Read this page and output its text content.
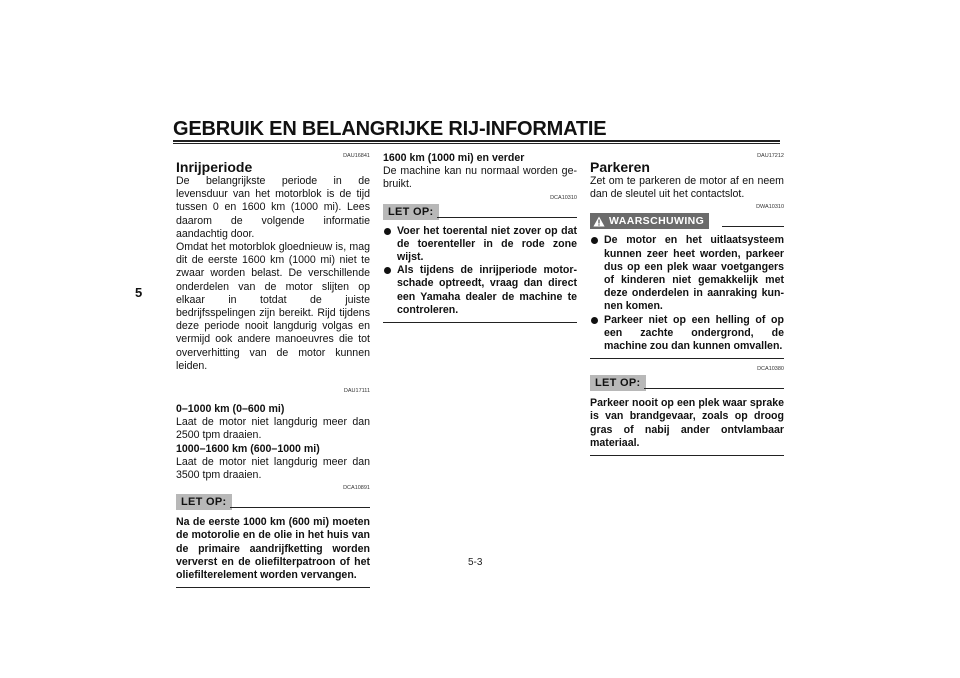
GEBRUIK EN BELANGRIJKE RIJ-INFORMATIE
5
DAU16841
Inrijperiode
De belangrijkste periode in de levensduur van het motorblok is de tijd tussen 0 en 1600 km (1000 mi). Lees daarom de volgende informatie aandachtig door.
Omdat het motorblok gloednieuw is, mag dit de eerste 1600 km (1000 mi) niet te zwaar worden belast. De verschillende onderdelen van de motor slijten op elkaar in totdat de juiste bedrijfsspelingen zijn bereikt. Rijd tijdens deze periode nooit langdurig volgas en vermijd ook andere manoeuvres die tot oververhitting van de motor kunnen leiden.
DAU17111
0–1000 km (0–600 mi)
Laat de motor niet langdurig meer dan 2500 tpm draaien.
1000–1600 km (600–1000 mi)
Laat de motor niet langdurig meer dan 3500 tpm draaien.
DCA10891
LET OP:
Na de eerste 1000 km (600 mi) moeten de motorolie en de olie in het huis van de primaire aandrijfketting worden ververst en de oliefilterpatroon of het oliefilterelement worden vervangen.
1600 km (1000 mi) en verder
De machine kan nu normaal worden gebruikt.
DCA10310
LET OP:
Voer het toerental niet zover op dat de toerenteller in de rode zone wijst.
Als tijdens de inrijperiode motorschade optreedt, vraag dan direct een Yamaha dealer de machine te controleren.
DAU17212
Parkeren
Zet om te parkeren de motor af en neem dan de sleutel uit het contactslot.
DWA10310
WAARSCHUWING
De motor en het uitlaatsysteem kunnen zeer heet worden, parkeer dus op een plek waar voetgangers of kinderen niet gemakkelijk met deze onderdelen in aanraking kunnen komen.
Parkeer niet op een helling of op een zachte ondergrond, de machine zou dan kunnen omvallen.
DCA10380
LET OP:
Parkeer nooit op een plek waar sprake is van brandgevaar, zoals op droog gras of nabij ander ontvlambaar materiaal.
5-3
